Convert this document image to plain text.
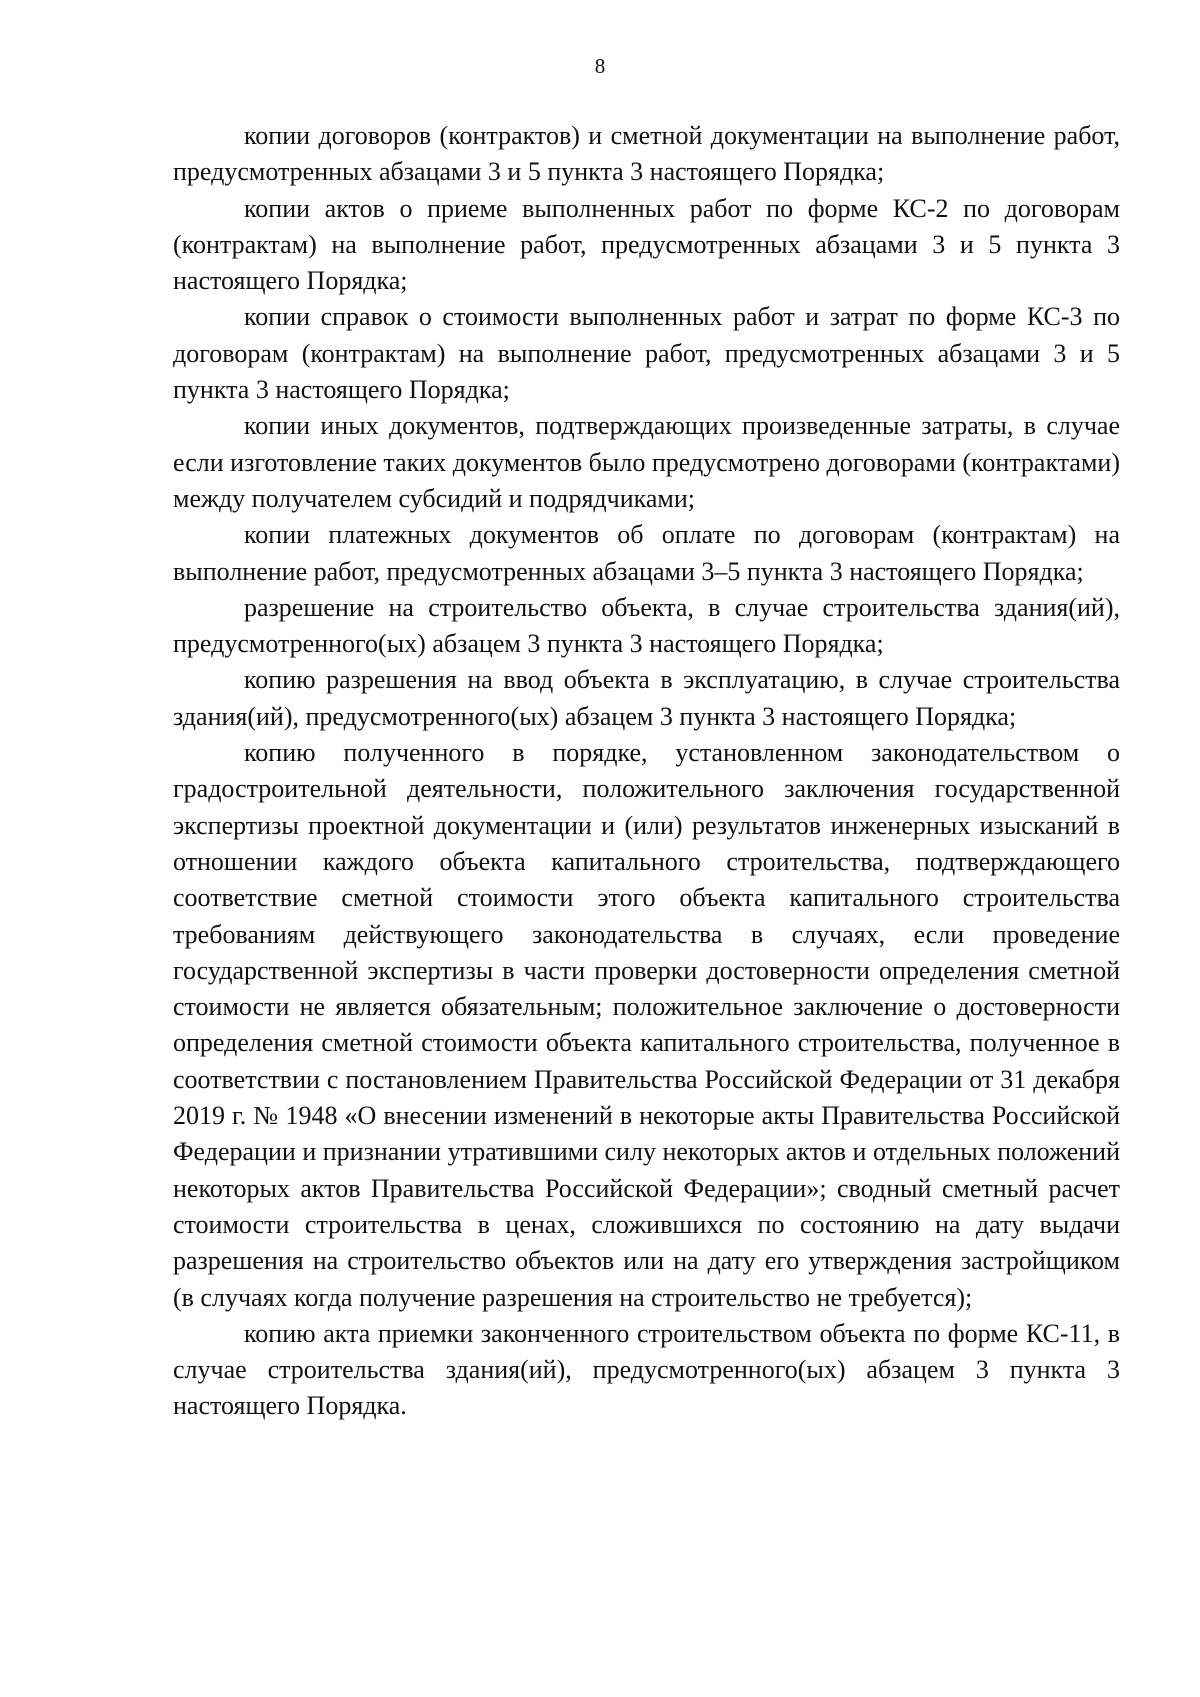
8

копии договоров (контрактов) и сметной документации на выполнение работ, предусмотренных абзацами 3 и 5 пункта 3 настоящего Порядка;

копии актов о приеме выполненных работ по форме КС-2 по договорам (контрактам) на выполнение работ, предусмотренных абзацами 3 и 5 пункта 3 настоящего Порядка;

копии справок о стоимости выполненных работ и затрат по форме КС-3 по договорам (контрактам) на выполнение работ, предусмотренных абзацами 3 и 5 пункта 3 настоящего Порядка;

копии иных документов, подтверждающих произведенные затраты, в случае если изготовление таких документов было предусмотрено договорами (контрактами) между получателем субсидий и подрядчиками;

копии платежных документов об оплате по договорам (контрактам) на выполнение работ, предусмотренных абзацами 3–5 пункта 3 настоящего Порядка;

разрешение на строительство объекта, в случае строительства здания(ий), предусмотренного(ых) абзацем 3 пункта 3 настоящего Порядка;

копию разрешения на ввод объекта в эксплуатацию, в случае строительства здания(ий), предусмотренного(ых) абзацем 3 пункта 3 настоящего Порядка;

копию полученного в порядке, установленном законодательством о градостроительной деятельности, положительного заключения государственной экспертизы проектной документации и (или) результатов инженерных изысканий в отношении каждого объекта капитального строительства, подтверждающего соответствие сметной стоимости этого объекта капитального строительства требованиям действующего законодательства в случаях, если проведение государственной экспертизы в части проверки достоверности определения сметной стоимости не является обязательным; положительное заключение о достоверности определения сметной стоимости объекта капитального строительства, полученное в соответствии с постановлением Правительства Российской Федерации от 31 декабря 2019 г. № 1948 «О внесении изменений в некоторые акты Правительства Российской Федерации и признании утратившими силу некоторых актов и отдельных положений некоторых актов Правительства Российской Федерации»; сводный сметный расчет стоимости строительства в ценах, сложившихся по состоянию на дату выдачи разрешения на строительство объектов или на дату его утверждения застройщиком (в случаях когда получение разрешения на строительство не требуется);

копию акта приемки законченного строительством объекта по форме КС-11, в случае строительства здания(ий), предусмотренного(ых) абзацем 3 пункта 3 настоящего Порядка.
